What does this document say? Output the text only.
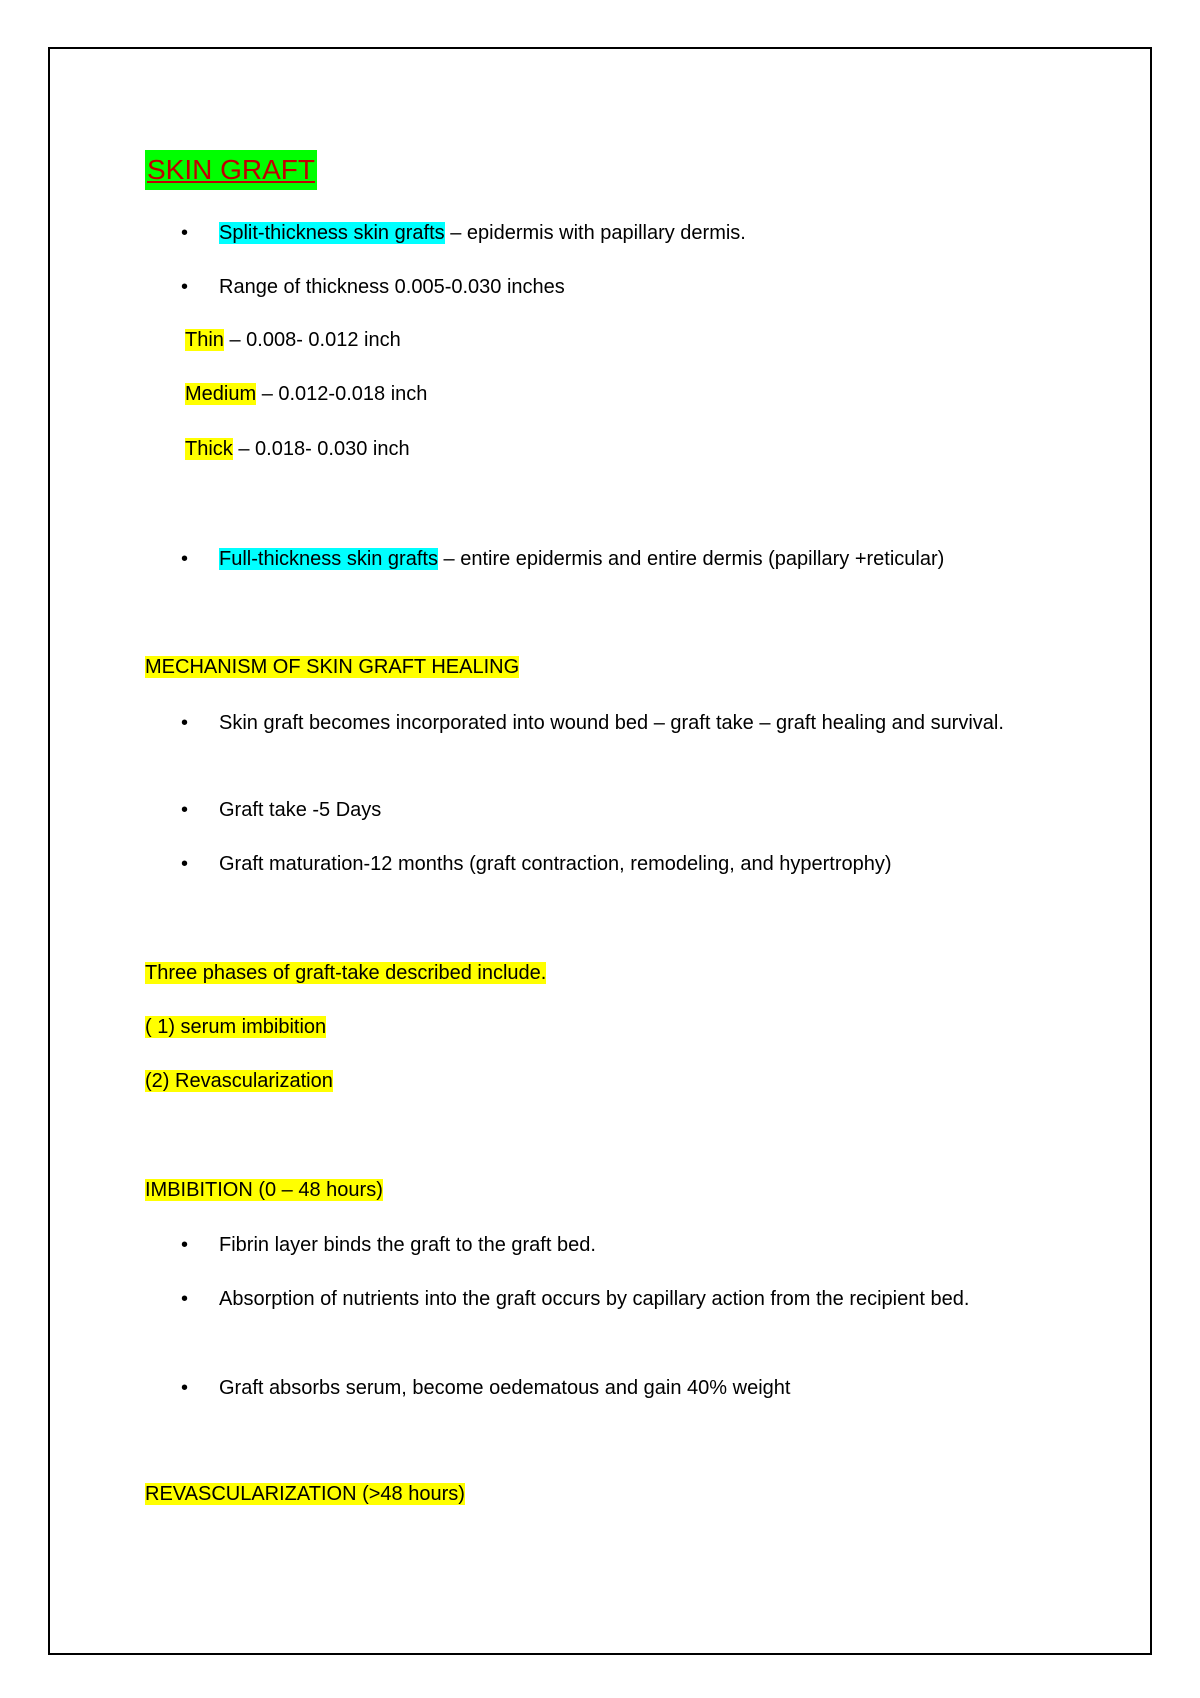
SKIN GRAFT
•	Split-thickness skin grafts – epidermis with papillary dermis.
•	Range of thickness 0.005-0.030 inches
Thin – 0.008- 0.012 inch
Medium – 0.012-0.018 inch
Thick – 0.018- 0.030 inch
•	Full-thickness skin grafts – entire epidermis and entire dermis (papillary +reticular)
MECHANISM OF SKIN GRAFT HEALING
•	Skin graft becomes incorporated into wound bed – graft take – graft healing and survival.
•	Graft take -5 Days
•	Graft maturation-12 months (graft contraction, remodeling, and hypertrophy)
Three phases of graft-take described include.
( 1) serum imbibition
(2) Revascularization
IMBIBITION (0 – 48 hours)
•	Fibrin layer binds the graft to the graft bed.
•	Absorption of nutrients into the graft occurs by capillary action from the recipient bed.
•	Graft absorbs serum, become oedematous and gain 40% weight
REVASCULARIZATION (>48 hours)
